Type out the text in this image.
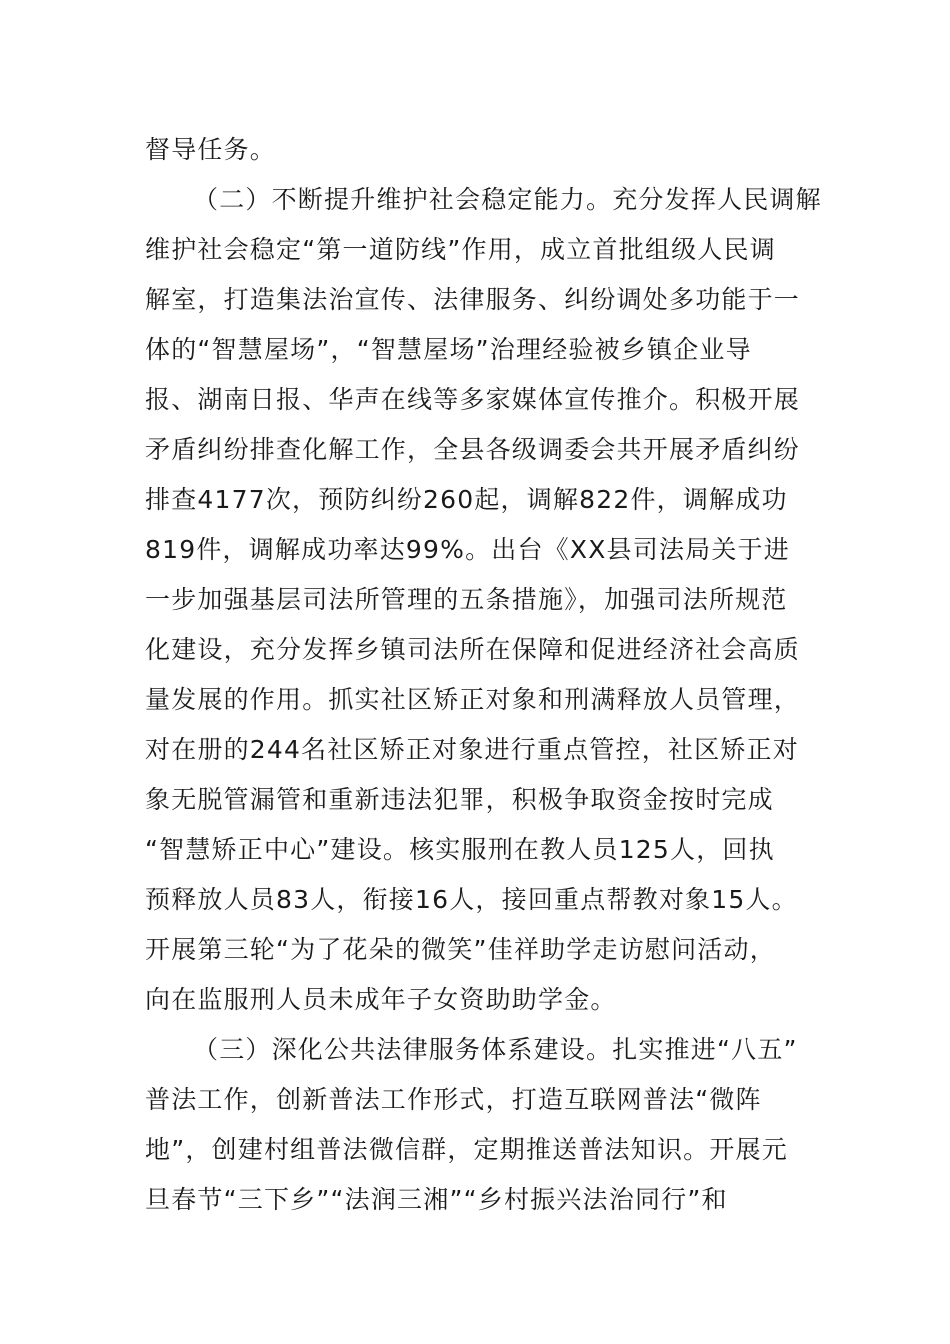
督导任务。

（二）不断提升维护社会稳定能力。充分发挥人民调解

维护社会稳定“第一道防线”作用，成立首批组级人民调

解室，打造集法治宣传、法律服务、纠纷调处多功能于一

体的“智慧屋场”，“智慧屋场”治理经验被乡镇企业导

报、湖南日报、华声在线等多家媒体宣传推介。积极开展

矛盾纠纷排查化解工作，全县各级调委会共开展矛盾纠纷

排查4177次，预防纠纷260起，调解822件，调解成功

819件，调解成功率达99%。出台《XX县司法局关于进

一步加强基层司法所管理的五条措施》，加强司法所规范

化建设，充分发挥乡镇司法所在保障和促进经济社会高质

量发展的作用。抓实社区矫正对象和刑满释放人员管理，

对在册的244名社区矫正对象进行重点管控，社区矫正对

象无脱管漏管和重新违法犯罪，积极争取资金按时完成

“智慧矫正中心”建设。核实服刑在教人员125人，回执

预释放人员83人，衔接16人，接回重点帮教对象15人。

开展第三轮“为了花朵的微笑”佳祥助学走访慰问活动，

向在监服刑人员未成年子女资助助学金。

（三）深化公共法律服务体系建设。扎实推进“八五”

普法工作，创新普法工作形式，打造互联网普法“微阵

地”，创建村组普法微信群，定期推送普法知识。开展元

旦春节“三下乡”“法润三湘”“乡村振兴法治同行”和
